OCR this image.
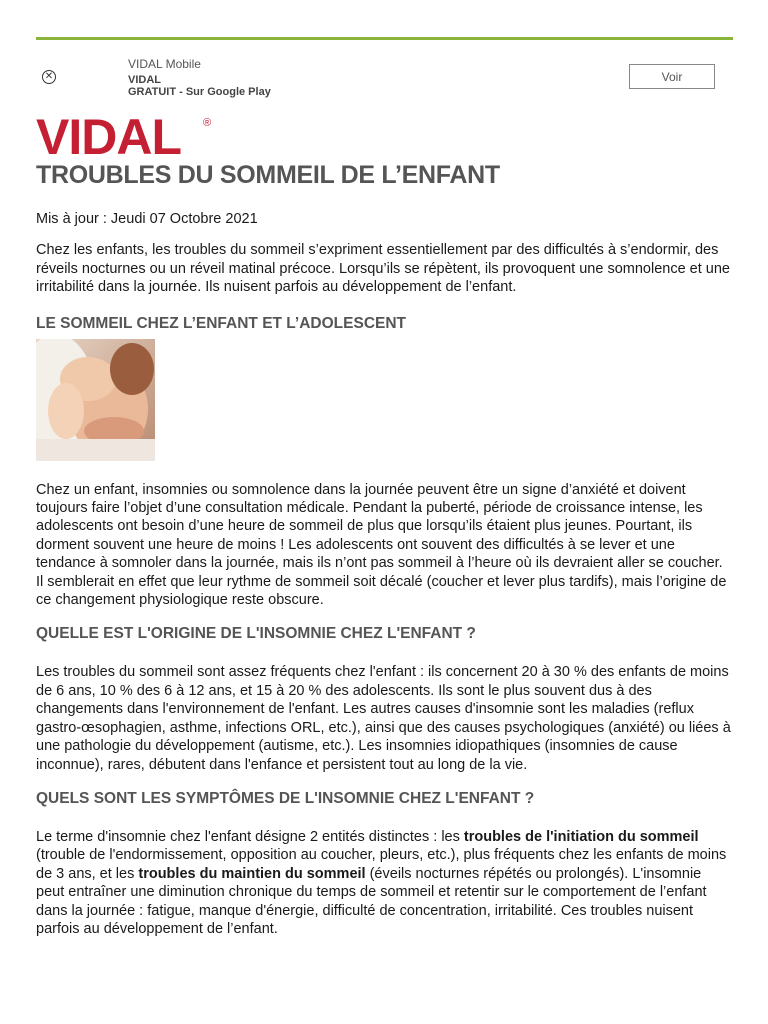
✕
VIDAL Mobile
VIDAL
GRATUIT - Sur Google Play
Voir
VIDAL ®
TROUBLES DU SOMMEIL DE L’ENFANT

Mis à jour : Jeudi 07 Octobre 2021

Chez les enfants, les troubles du sommeil s’expriment essentiellement par des difficultés à s’endormir, des réveils nocturnes ou un réveil matinal précoce. Lorsqu’ils se répètent, ils provoquent une somnolence et une irritabilité dans la journée. Ils nuisent parfois au développement de l’enfant.

LE SOMMEIL CHEZ L’ENFANT ET L’ADOLESCENT

Chez un enfant, insomnies ou somnolence dans la journée peuvent être un signe d’anxiété et doivent toujours faire l’objet d’une consultation médicale. Pendant la puberté, période de croissance intense, les adolescents ont besoin d’une heure de sommeil de plus que lorsqu’ils étaient plus jeunes. Pourtant, ils dorment souvent une heure de moins ! Les adolescents ont souvent des difficultés à se lever et une tendance à somnoler dans la journée, mais ils n’ont pas sommeil à l’heure où ils devraient aller se coucher. Il semblerait en effet que leur rythme de sommeil soit décalé (coucher et lever plus tardifs), mais l’origine de ce changement physiologique reste obscure.

QUELLE EST L'ORIGINE DE L'INSOMNIE CHEZ L'ENFANT ?

Les troubles du sommeil sont assez fréquents chez l'enfant : ils concernent 20 à 30 % des enfants de moins de 6 ans, 10 % des 6 à 12 ans, et 15 à 20 % des adolescents. Ils sont le plus souvent dus à des changements dans l'environnement de l'enfant. Les autres causes d'insomnie sont les maladies (reflux gastro-œsophagien, asthme, infections ORL, etc.), ainsi que des causes psychologiques (anxiété) ou liées à une pathologie du développement (autisme, etc.). Les insomnies idiopathiques (insomnies de cause inconnue), rares, débutent dans l'enfance et persistent tout au long de la vie.

QUELS SONT LES SYMPTÔMES DE L'INSOMNIE CHEZ L'ENFANT ?

Le terme d'insomnie chez l'enfant désigne 2 entités distinctes : les troubles de l'initiation du sommeil (trouble de l'endormissement, opposition au coucher, pleurs, etc.), plus fréquents chez les enfants de moins de 3 ans, et les troubles du maintien du sommeil (éveils nocturnes répétés ou prolongés). L'insomnie peut entraîner une diminution chronique du temps de sommeil et retentir sur le comportement de l’enfant dans la journée : fatigue, manque d'énergie, difficulté de concentration, irritabilité. Ces troubles nuisent parfois au développement de l’enfant.
